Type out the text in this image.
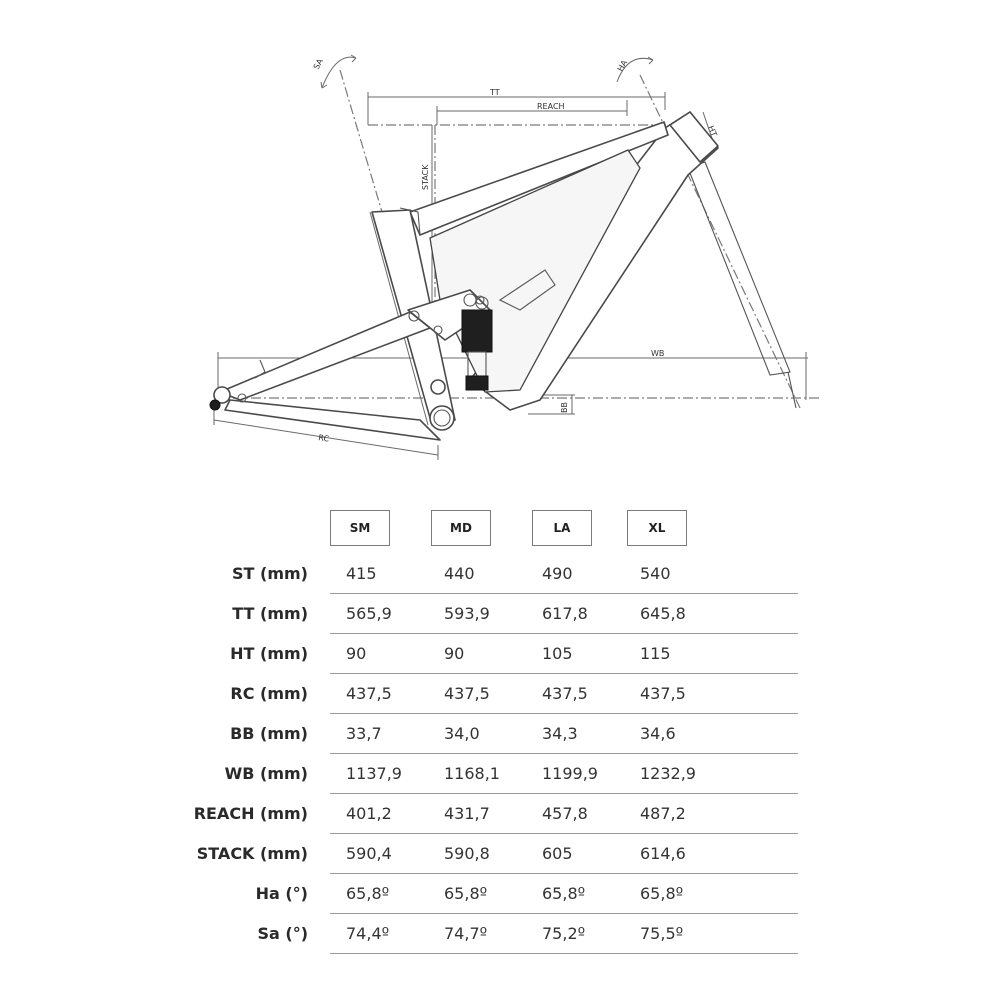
SA	HA
TT
REACH
STACK
HT
WB
BB
RC
SM	MD	LA	XL
ST (mm) 415	440	490	540
TT (mm) 565,9	593,9	617,8	645,8
HT (mm) 90	90	105	115
RC (mm) 437,5	437,5	437,5	437,5
BB (mm) 33,7	34,0	34,3	34,6
WB (mm) 1137,9	1168,1	1199,9	1232,9
REACH (mm) 401,2	431,7	457,8	487,2
STACK (mm) 590,4	590,8	605	614,6
Ha (°) 65,8º	65,8º	65,8º	65,8º
Sa (°) 74,4º	74,7º	75,2º	75,5º
